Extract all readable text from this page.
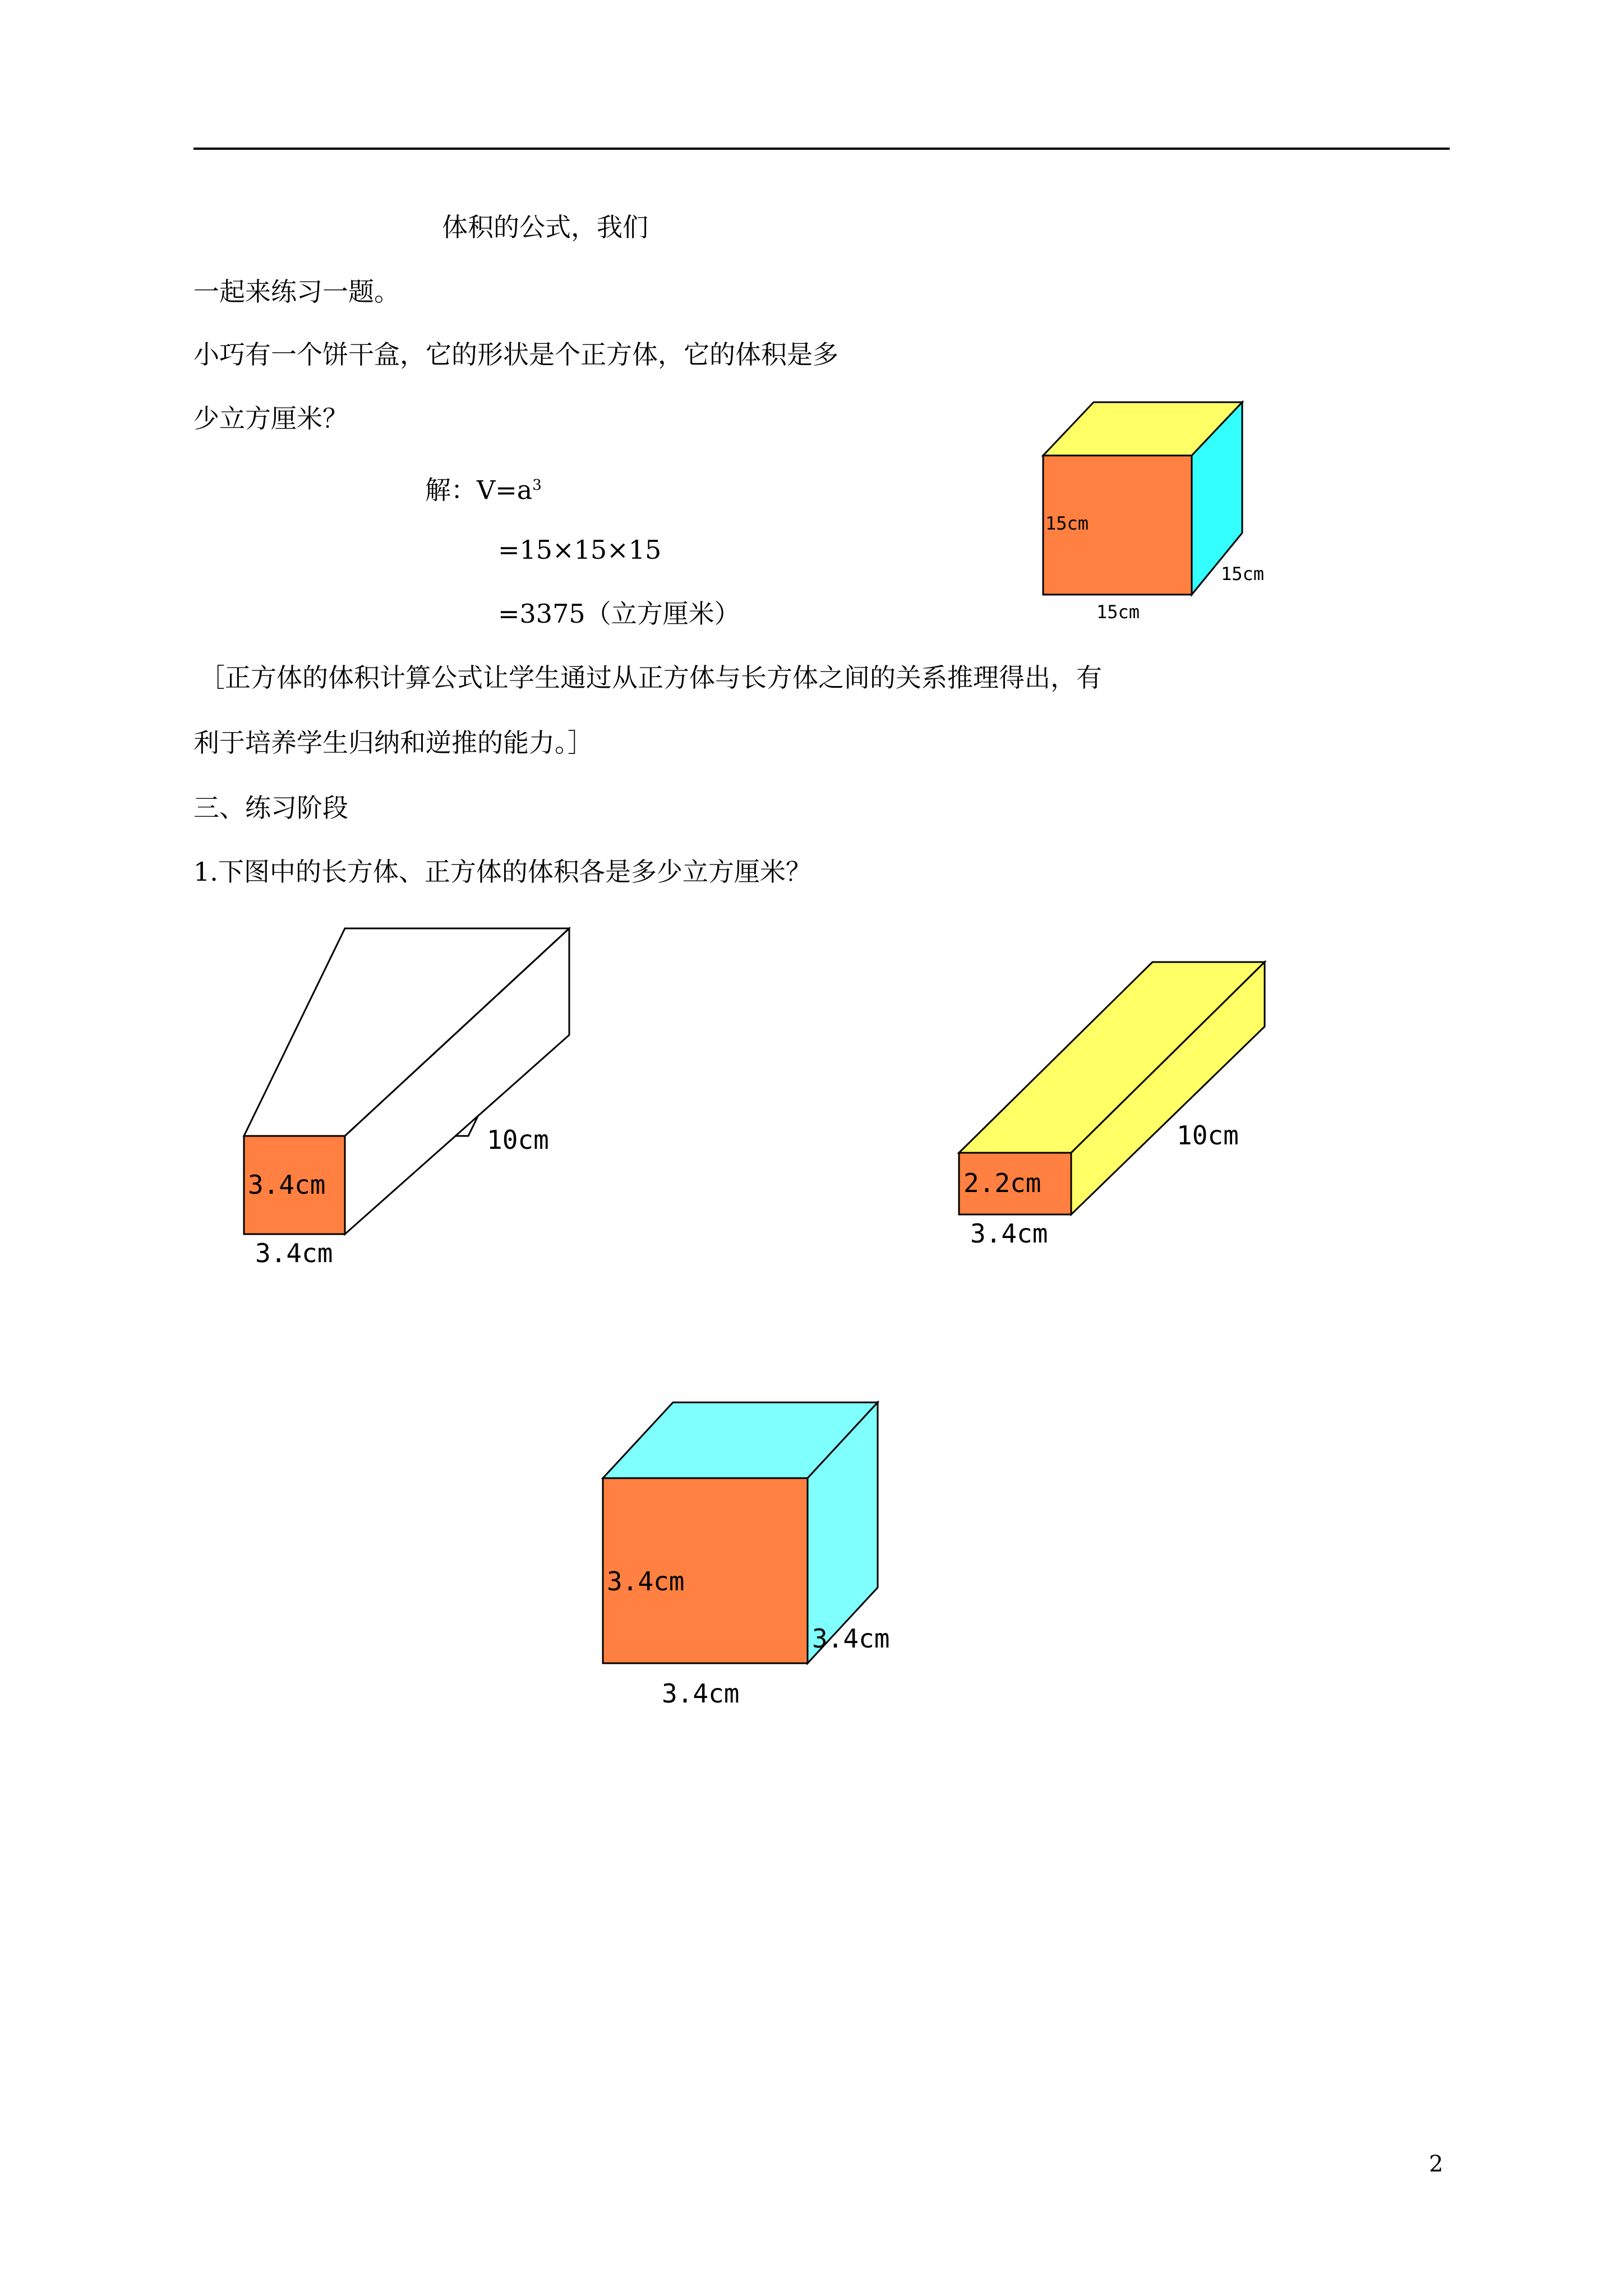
体积的公式，我们
一起来练习一题。
小巧有一个饼干盒，它的形状是个正方体，它的体积是多
少立方厘米？
解：$V=a^3$
=15×15×15
=3375（立方厘米）
［正方体的体积计算公式让学生通过从正方体与长方体之间的关系推理得出，有
利于培养学生归纳和逆推的能力。］
三、练习阶段
1.下图中的长方体、正方体的体积各是多少立方厘米？
15cm
15cm
15cm
3.4cm
10cm
3.4cm
2.2cm
10cm
3.4cm
3.4cm
3.4cm
3.4cm
2
